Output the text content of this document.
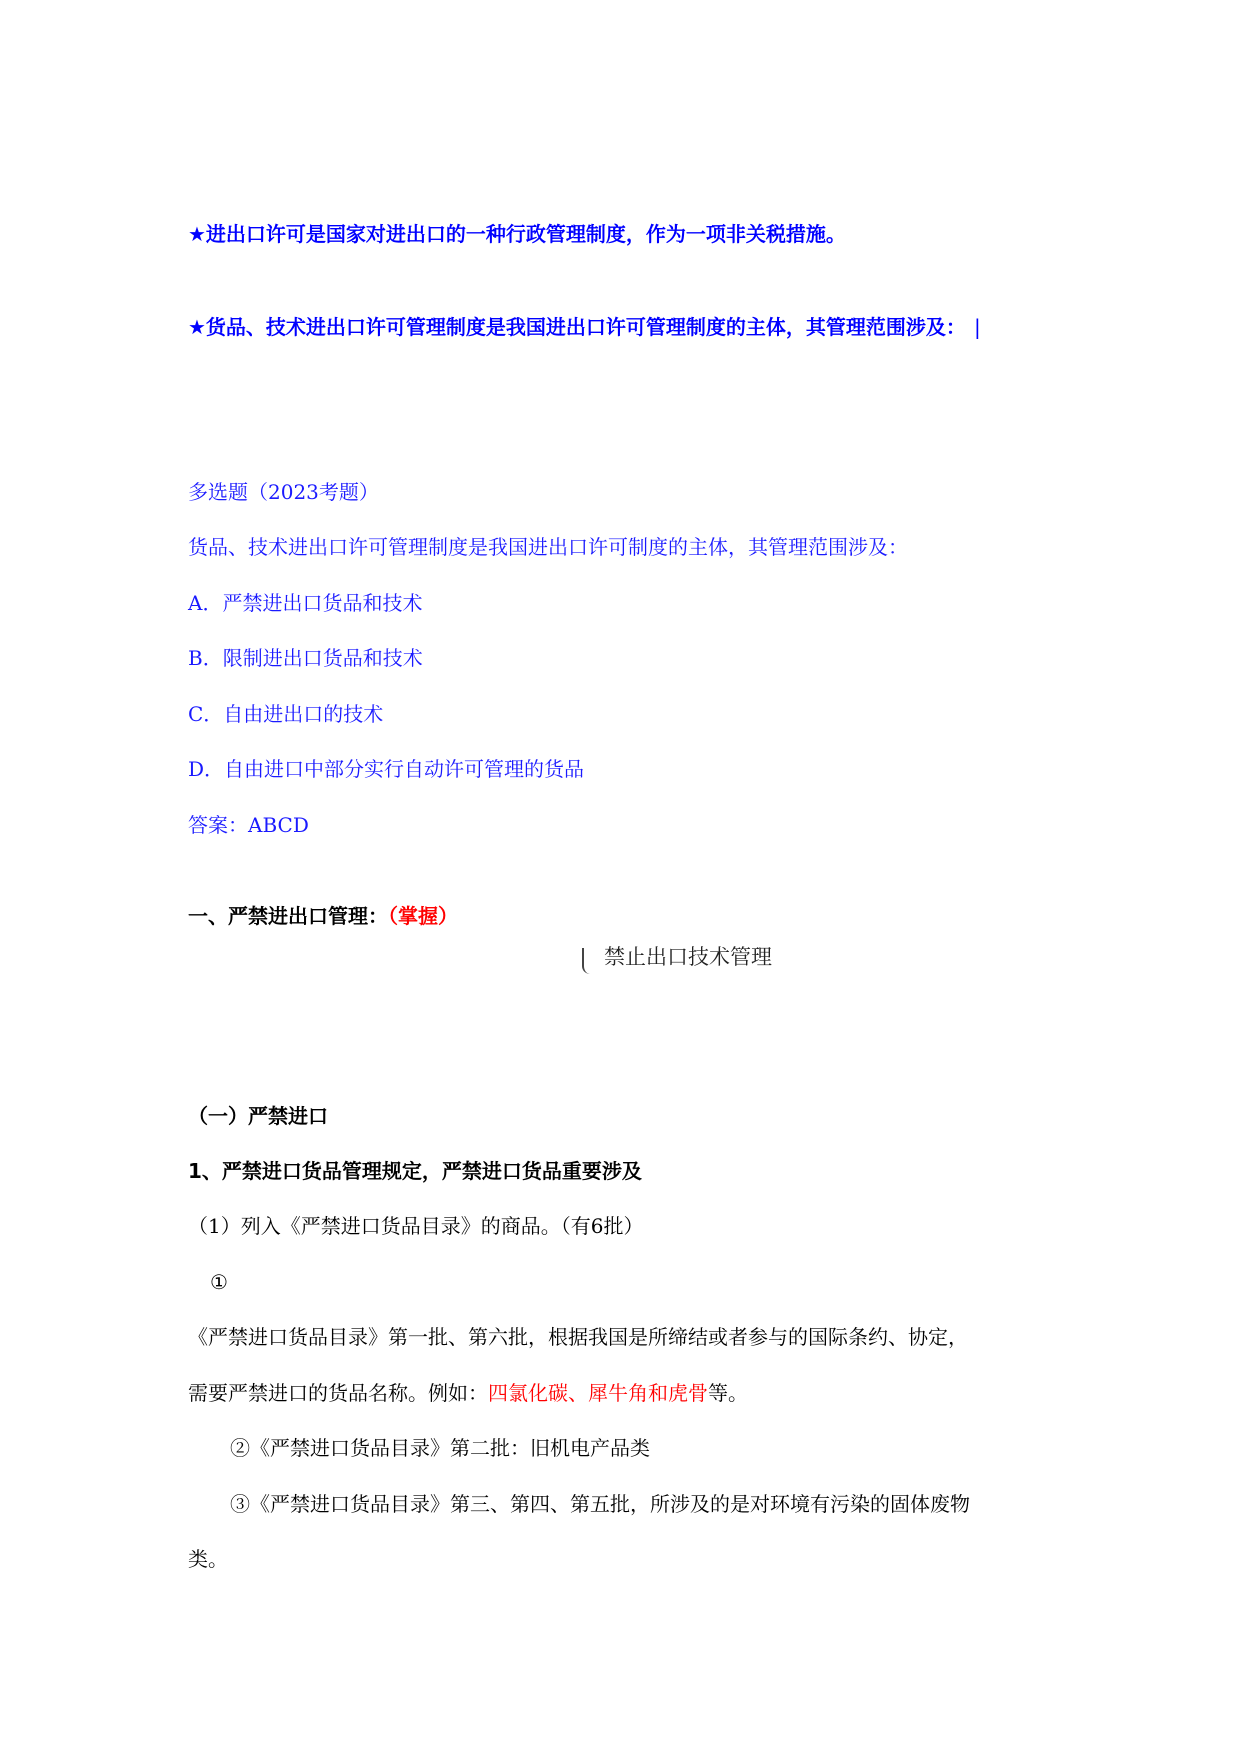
★进出口许可是国家对进出口的一种行政管理制度，作为一项非关税措施。
★货品、技术进出口许可管理制度是我国进出口许可管理制度的主体，其管理范围涉及： |
多选题（2023考题）
货品、技术进出口许可管理制度是我国进出口许可制度的主体，其管理范围涉及：
A．严禁进出口货品和技术
B．限制进出口货品和技术
C．自由进出口的技术
D．自由进口中部分实行自动许可管理的货品
答案：ABCD
一、严禁进出口管理：（掌握）
禁止出口技术管理
（一）严禁进口
1、严禁进口货品管理规定，严禁进口货品重要涉及
（1）列入《严禁进口货品目录》的商品。（有6批）
①
《严禁进口货品目录》第一批、第六批，根据我国是所缔结或者参与的国际条约、协定，
需要严禁进口的货品名称。例如：四氯化碳、犀牛角和虎骨等。
②《严禁进口货品目录》第二批：旧机电产品类
③《严禁进口货品目录》第三、第四、第五批，所涉及的是对环境有污染的固体废物
类。
